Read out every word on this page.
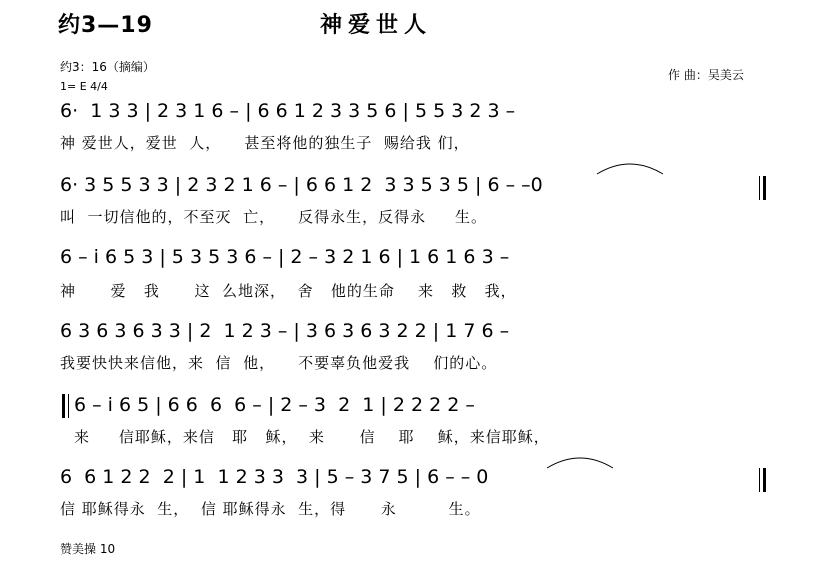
约3—19	神爱世人
约3：16（摘编）
作 曲：吴美云
1= E 4/4
6·  1 3 3 | 2 3 1 6 – | 6 6 1 2 3 3 5 6 | 5 5 3 2 3 –
神 爱世人，爱世  人，    甚至将他的独生子  赐给我 们，
6· 3 5 5 3 3 | 2 3 2 1 6 – | 6 6 1 2  3 3 5 3 5 | 6 – –0
叫  一切信他的，不至灭  亡，    反得永生，反得永     生。
6 – i 6 5 3 | 5 3 5 3 6 – | 2 – 3 2 1 6 | 1 6 1 6 3 –
神      爱   我      这  么地深，  舍   他的生命    来   救   我，
6 3 6 3 6 3 3 | 2  1 2 3 – | 3 6 3 6 3 2 2 | 1 7 6 –
我要快快来信他，来  信  他，    不要辜负他爱我    们的心。
6 – i 6 5 | 6 6  6  6 – | 2 – 3  2  1 | 2 2 2 2 –
来     信耶稣，来信   耶   稣，  来      信    耶    稣，来信耶稣，
6  6 1 2 2  2 | 1  1 2 3 3  3 | 5 – 3 7 5 | 6 – – 0
信 耶稣得永  生，  信 耶稣得永  生，得      永         生。
赞美操 10
